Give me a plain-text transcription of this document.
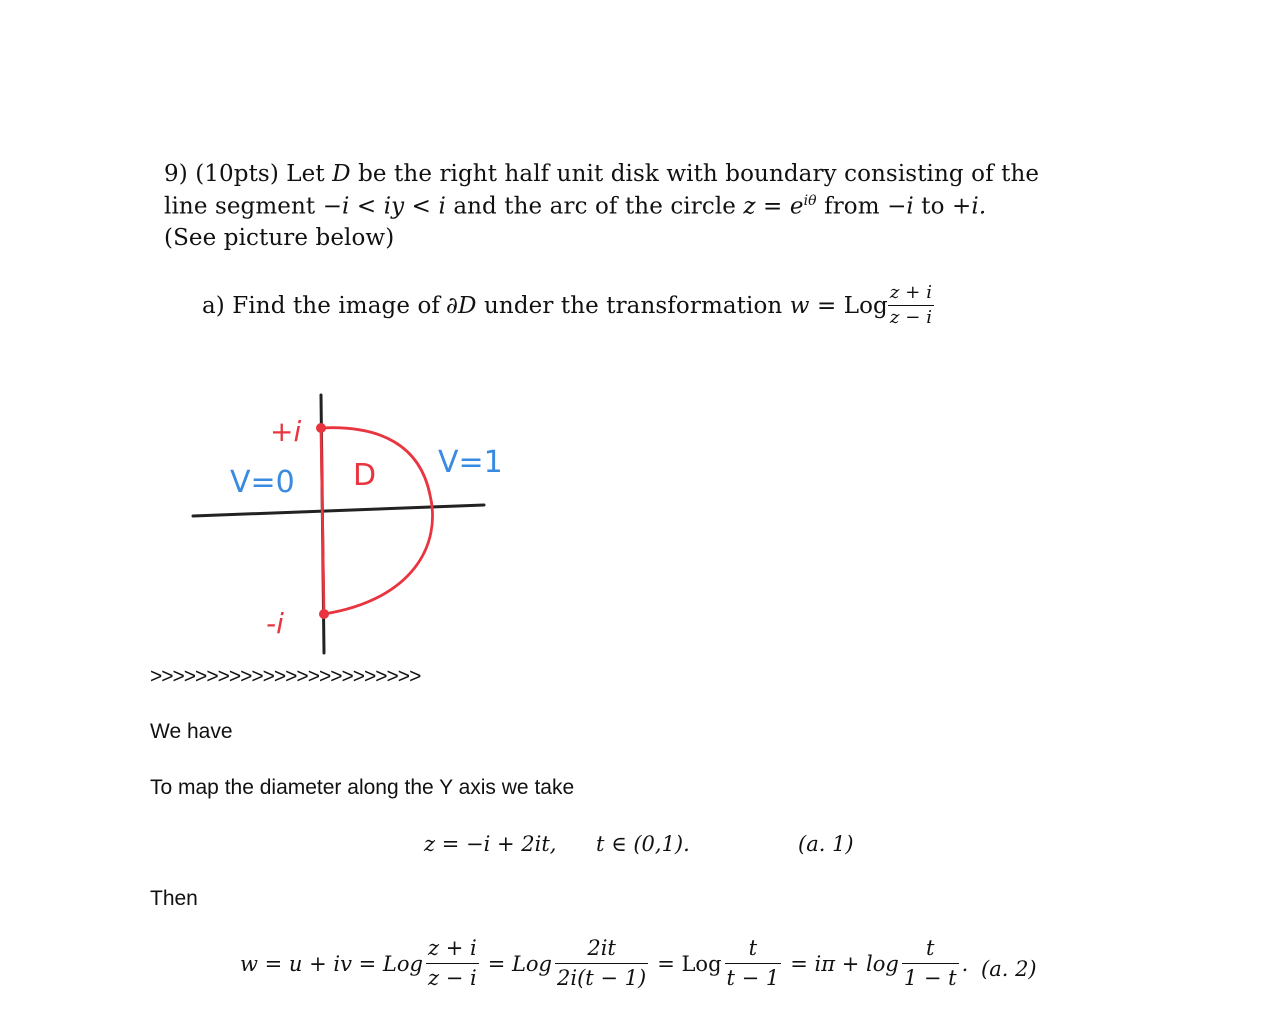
9) (10pts) Let D be the right half unit disk with boundary consisting of the
line segment −i < iy < i and the arc of the circle $z = e^{i\theta}$ from −i to +i.
(See picture below)
a) Find the image of ∂D under the transformation w = Log $\frac{z + i}{z - i}$
+i
-i
V=0 D V=1
>>>>>>>>>>>>>>>>>>>>>>>>
We have
To map the diameter along the Y axis we take
z = −i + 2it, t ∈ (0,1).	(a. 1)
Then
w = u + iv = Log $\frac{z + i}{z - i}$ = Log $\frac{2it}{2i(t - 1)}$ = Log $\frac{t}{t - 1} = i\pi + \log \frac{t}{1 - t}$ . (a. 2)
